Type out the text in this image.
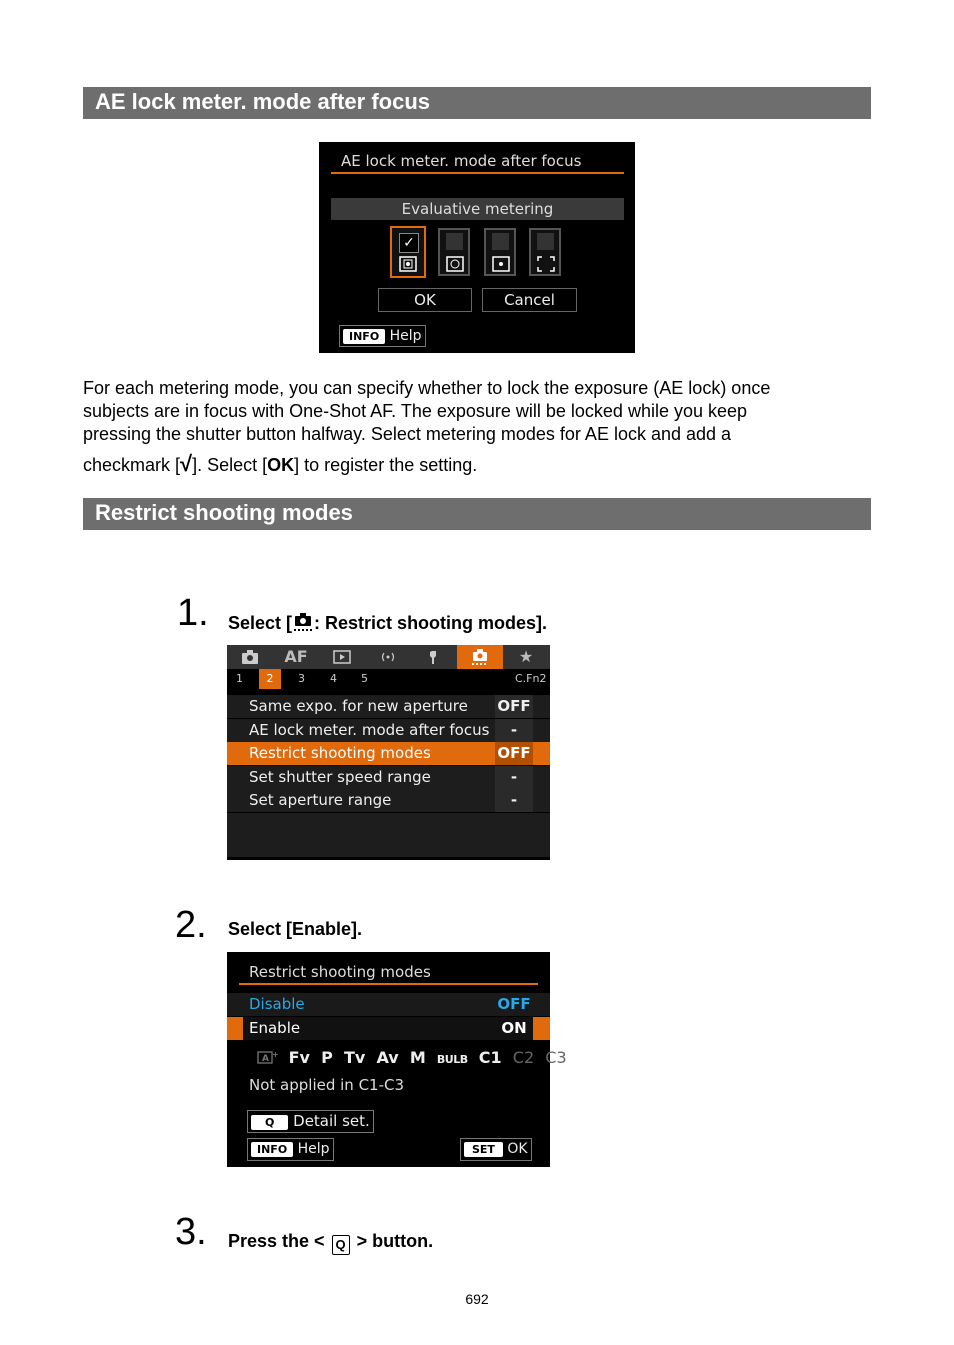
AE lock meter. mode after focus
AE lock meter. mode after focus
Evaluative metering
✓
OK	Cancel
INFO Help
For each metering mode, you can specify whether to lock the exposure (AE lock) once
subjects are in focus with One-Shot AF. The exposure will be locked while you keep
pressing the shutter button halfway. Select metering modes for AE lock and add a
checkmark [√]. Select [OK] to register the setting.
Restrict shooting modes
1. Select [ : Restrict shooting modes].
AF	★
1	2	3 4 5	C.Fn2
Same expo. for new aperture OFF
AE lock meter. mode after focus	-
Restrict shooting modes	OFF
Set shutter speed range	-
Set aperture range	-
2. Select [Enable].
Restrict shooting modes
Disable	OFF
Enable	ON
A + Fv P Tv Av M BULB C1 C2 C3
Not applied in C1-C3
Q Detail set.
INFO Help	SET OK
3. Press the < Q > button.
692
